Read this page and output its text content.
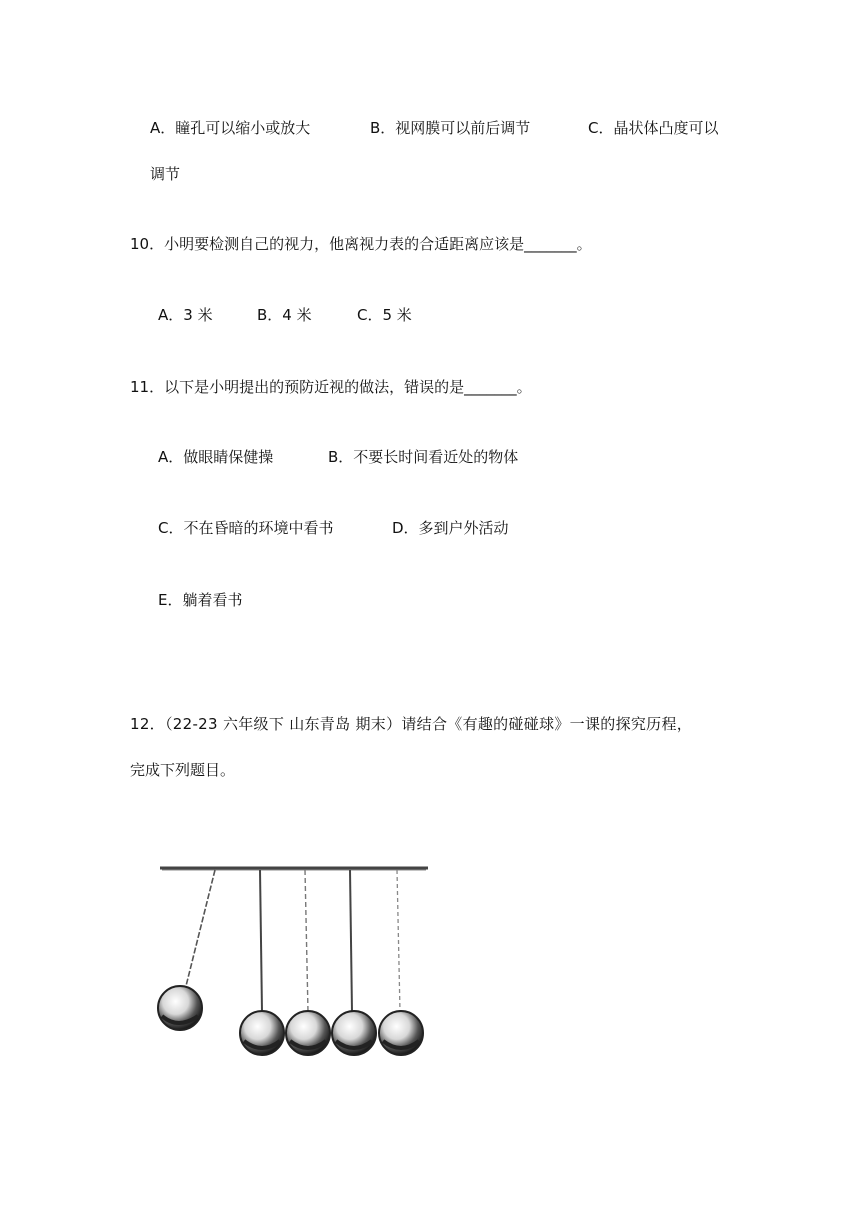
A．瞳孔可以缩小或放大	B．视网膜可以前后调节	C．晶状体凸度可以
调节
10．小明要检测自己的视力，他离视力表的合适距离应该是_______。
A．3 米	B．4 米	C．5 米
11．以下是小明提出的预防近视的做法，错误的是_______。
A．做眼睛保健操	B．不要长时间看近处的物体
C．不在昏暗的环境中看书	D．多到户外活动
E．躺着看书
12．（22-23 六年级下 山东青岛 期末）请结合《有趣的碰碰球》一课的探究历程，
完成下列题目。
